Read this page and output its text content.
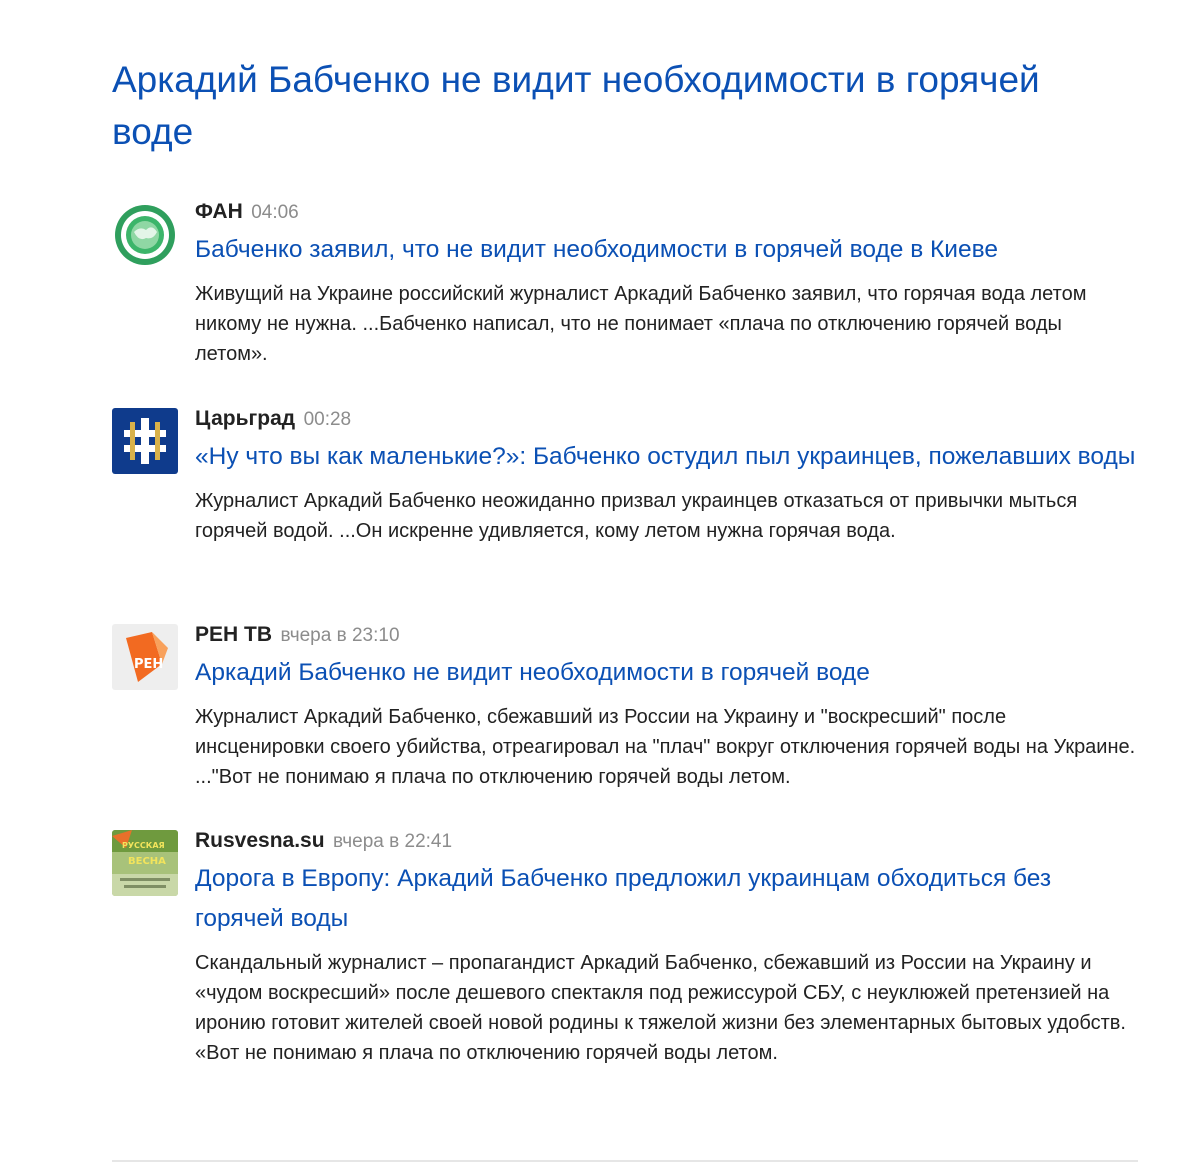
Аркадий Бабченко не видит необходимости в горячей воде
ФАН 04:06
Бабченко заявил, что не видит необходимости в горячей воде в Киеве

Живущий на Украине российский журналист Аркадий Бабченко заявил, что горячая вода летом никому не нужна. ...Бабченко написал, что не понимает «плача по отключению горячей воды летом».

Царьград 00:28
«Ну что вы как маленькие?»: Бабченко остудил пыл украинцев, пожелавших воды

Журналист Аркадий Бабченко неожиданно призвал украинцев отказаться от привычки мыться горячей водой. ...Он искренне удивляется, кому летом нужна горячая вода.

РЕН
РЕН ТВ вчера в 23:10
Аркадий Бабченко не видит необходимости в горячей воде

Журналист Аркадий Бабченко, сбежавший из России на Украину и "воскресший" после инсценировки своего убийства, отреагировал на "плач" вокруг отключения горячей воды на Украине. ..."Вот не понимаю я плача по отключению горячей воды летом.

РУССКАЯ
ВЕСНА
Rusvesna.su вчера в 22:41
Дорога в Европу: Аркадий Бабченко предложил украинцам обходиться без горячей воды

Скандальный журналист – пропагандист Аркадий Бабченко, сбежавший из России на Украину и «чудом воскресший» после дешевого спектакля под режиссурой СБУ, с неуклюжей претензией на иронию готовит жителей своей новой родины к тяжелой жизни без элементарных бытовых удобств. «Вот не понимаю я плача по отключению горячей воды летом.
